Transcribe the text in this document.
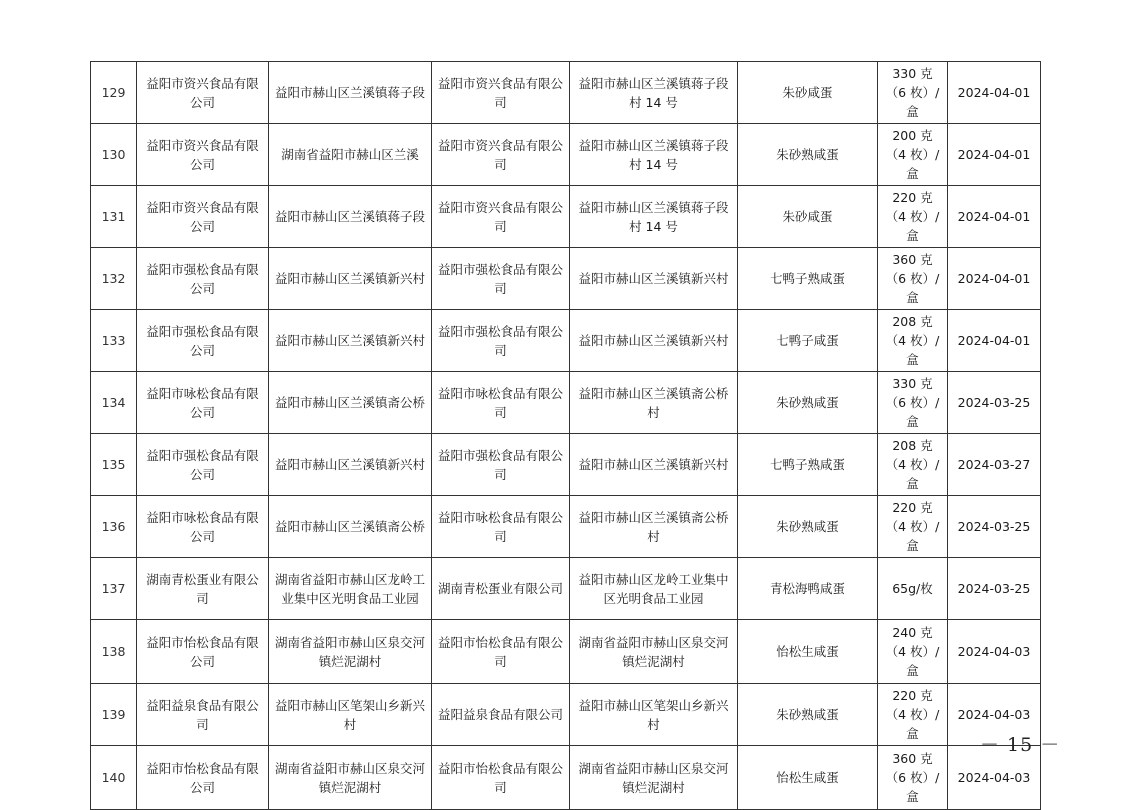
129	益阳市资兴食品有限公司	益阳市赫山区兰溪镇蒋子段	益阳市资兴食品有限公司	益阳市赫山区兰溪镇蒋子段村 14 号	朱砂咸蛋	330 克（6 枚）/盒	2024-04-01
130	益阳市资兴食品有限公司	湖南省益阳市赫山区兰溪	益阳市资兴食品有限公司	益阳市赫山区兰溪镇蒋子段村 14 号	朱砂熟咸蛋	200 克（4 枚）/盒	2024-04-01
131	益阳市资兴食品有限公司	益阳市赫山区兰溪镇蒋子段	益阳市资兴食品有限公司	益阳市赫山区兰溪镇蒋子段村 14 号	朱砂咸蛋	220 克（4 枚）/盒	2024-04-01
132	益阳市强松食品有限公司	益阳市赫山区兰溪镇新兴村	益阳市强松食品有限公司	益阳市赫山区兰溪镇新兴村	七鸭子熟咸蛋	360 克（6 枚）/盒	2024-04-01
133	益阳市强松食品有限公司	益阳市赫山区兰溪镇新兴村	益阳市强松食品有限公司	益阳市赫山区兰溪镇新兴村	七鸭子咸蛋	208 克（4 枚）/盒	2024-04-01
134	益阳市咏松食品有限公司	益阳市赫山区兰溪镇斋公桥	益阳市咏松食品有限公司	益阳市赫山区兰溪镇斋公桥村	朱砂熟咸蛋	330 克（6 枚）/盒	2024-03-25
135	益阳市强松食品有限公司	益阳市赫山区兰溪镇新兴村	益阳市强松食品有限公司	益阳市赫山区兰溪镇新兴村	七鸭子熟咸蛋	208 克（4 枚）/盒	2024-03-27
136	益阳市咏松食品有限公司	益阳市赫山区兰溪镇斋公桥	益阳市咏松食品有限公司	益阳市赫山区兰溪镇斋公桥村	朱砂熟咸蛋	220 克（4 枚）/盒	2024-03-25
137	湖南青松蛋业有限公司	湖南省益阳市赫山区龙岭工业集中区光明食品工业园	湖南青松蛋业有限公司	益阳市赫山区龙岭工业集中区光明食品工业园	青松海鸭咸蛋	65g/枚	2024-03-25
138	益阳市怡松食品有限公司	湖南省益阳市赫山区泉交河镇烂泥湖村	益阳市怡松食品有限公司	湖南省益阳市赫山区泉交河镇烂泥湖村	怡松生咸蛋	240 克（4 枚）/盒	2024-04-03
139	益阳益泉食品有限公司	益阳市赫山区笔架山乡新兴村	益阳益泉食品有限公司	益阳市赫山区笔架山乡新兴村	朱砂熟咸蛋	220 克（4 枚）/盒	2024-04-03
140	益阳市怡松食品有限公司	湖南省益阳市赫山区泉交河镇烂泥湖村	益阳市怡松食品有限公司	湖南省益阳市赫山区泉交河镇烂泥湖村	怡松生咸蛋	360 克（6 枚）/盒	2024-04-03
－ 15 －
